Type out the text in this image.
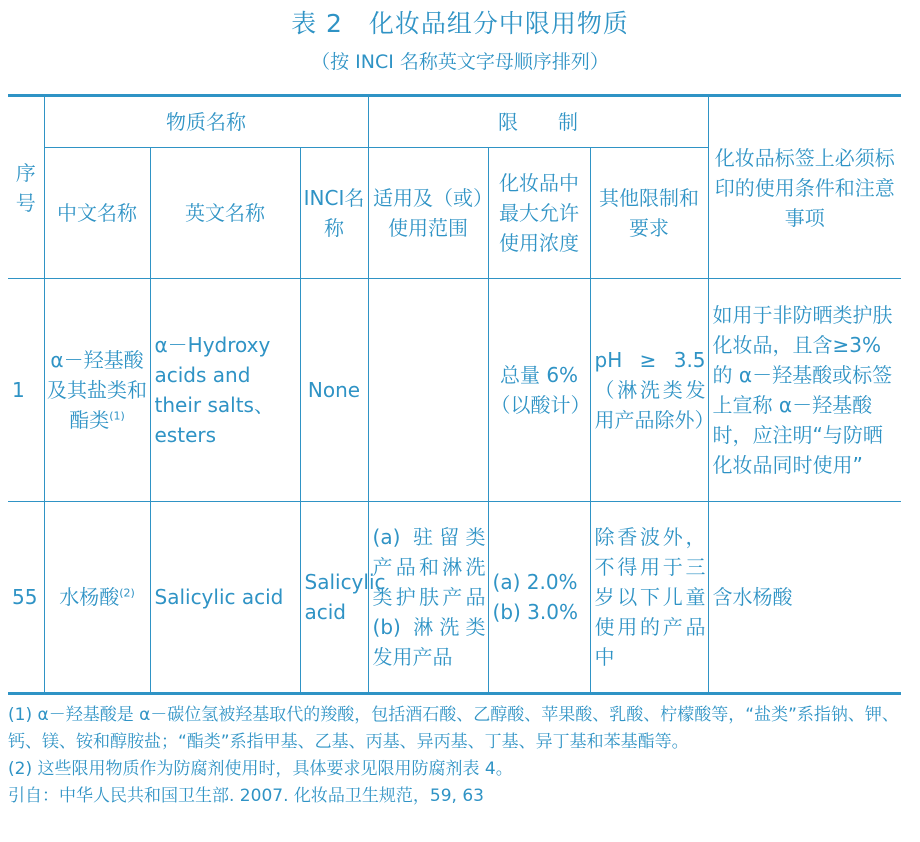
表 2　化妆品组分中限用物质
（按 INCI 名称英文字母顺序排列）
序号	物质名称			限　　制			化妆品标签上必须标印的使用条件和注意事项
	中文名称	英文名称	INCI名称	适用及（或）使用范围	化妆品中最大允许使用浓度	其他限制和要求	
1	α－羟基酸及其盐类和酯类$^{(1)}$	α－Hydroxy acids and their salts、esters	None		总量 6%（以酸计）	pH ≥ 3.5（淋洗类发用产品除外）	如用于非防晒类护肤化妆品，且含≥3%的 α－羟基酸或标签上宣称 α－羟基酸时，应注明“与防晒化妆品同时使用”
55	水杨酸$^{(2)}$	Salicylic acid	Salicylic acid	(a) 驻留类产品和淋洗类护肤产品 (b) 淋洗类发用产品	(a) 2.0% (b) 3.0%	除香波外，不得用于三岁以下儿童使用的产品中	含水杨酸
(1) α－羟基酸是 α－碳位氢被羟基取代的羧酸，包括酒石酸、乙醇酸、苹果酸、乳酸、柠檬酸等，“盐类”系指钠、钾、钙、镁、铵和醇胺盐；“酯类”系指甲基、乙基、丙基、异丙基、丁基、异丁基和苯基酯等。
(2) 这些限用物质作为防腐剂使用时，具体要求见限用防腐剂表 4。
引自：中华人民共和国卫生部. 2007. 化妆品卫生规范，59, 63
